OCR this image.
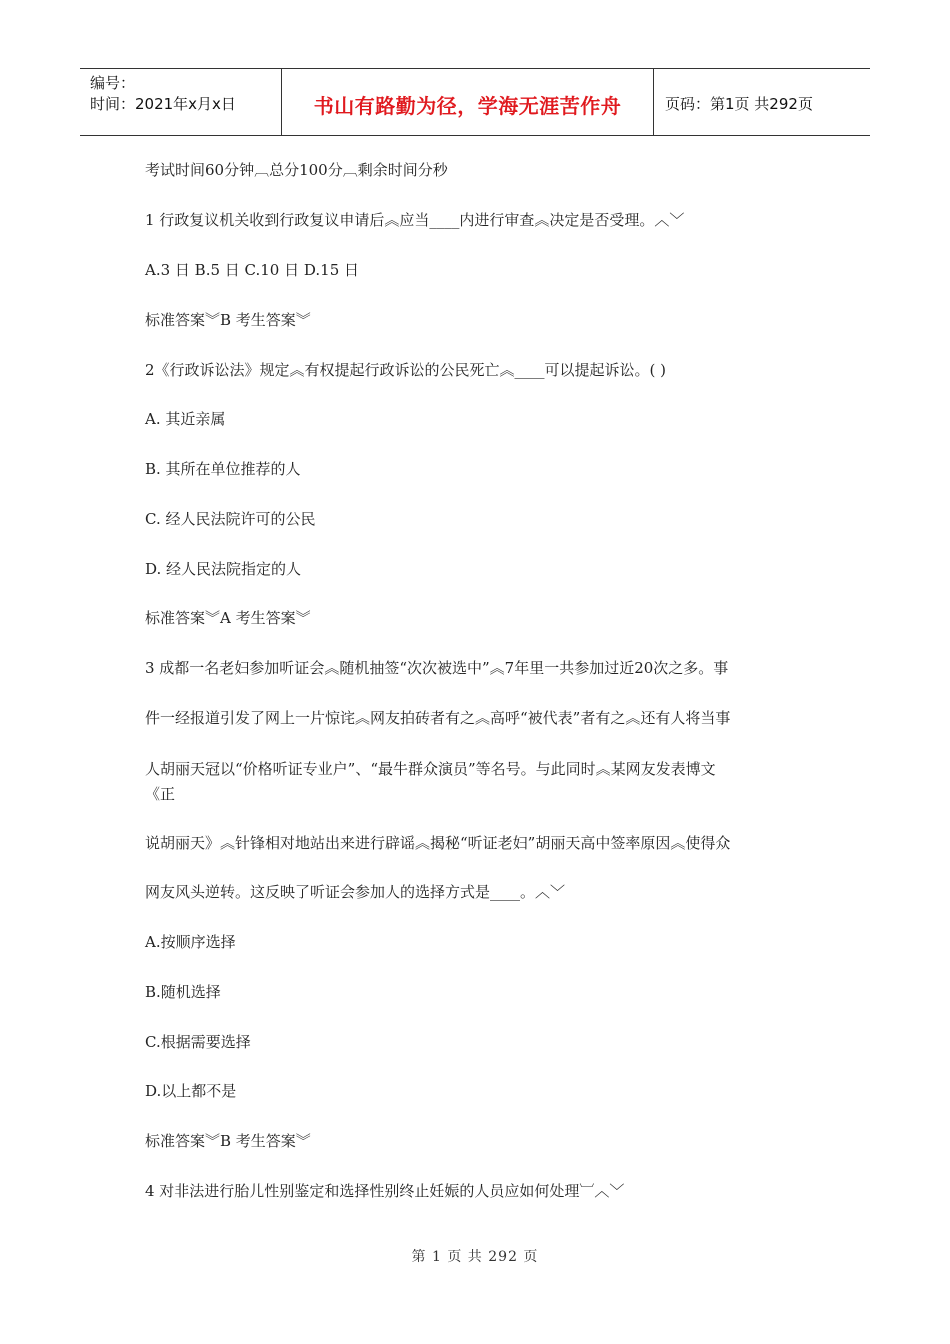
编号：
时间：2021年x月x日	书山有路勤为径，学海无涯苦作舟	页码：第1页 共292页
考试时间60分钟︹总分100分︹剩余时间分秒
1 行政复议机关收到行政复议申请后︽应当____内进行审查︽决定是否受理。︿﹀
A.3 日 B.5 日 C.10 日 D.15 日
标准答案︾B 考生答案︾
2《行政诉讼法》规定︽有权提起行政诉讼的公民死亡︽____可以提起诉讼。( )
A. 其近亲属
B. 其所在单位推荐的人
C. 经人民法院许可的公民
D. 经人民法院指定的人
标准答案︾A 考生答案︾
3 成都一名老妇参加听证会︽随机抽签“次次被选中”︽7年里一共参加过近20次之多。事
件一经报道引发了网上一片惊诧︽网友拍砖者有之︽高呼“被代表”者有之︽还有人将当事
人胡丽天冠以“价格听证专业户”、“最牛群众演员”等名号。与此同时︽某网友发表博文
《正
说胡丽天》︽针锋相对地站出来进行辟谣︽揭秘“听证老妇”胡丽天高中签率原因︽使得众
网友风头逆转。这反映了听证会参加人的选择方式是____。︿﹀
A.按顺序选择
B.随机选择
C.根据需要选择
D.以上都不是
标准答案︾B 考生答案︾
4 对非法进行胎儿性别鉴定和选择性别终止妊娠的人员应如何处理︺︿﹀
第 1 页 共 292 页
